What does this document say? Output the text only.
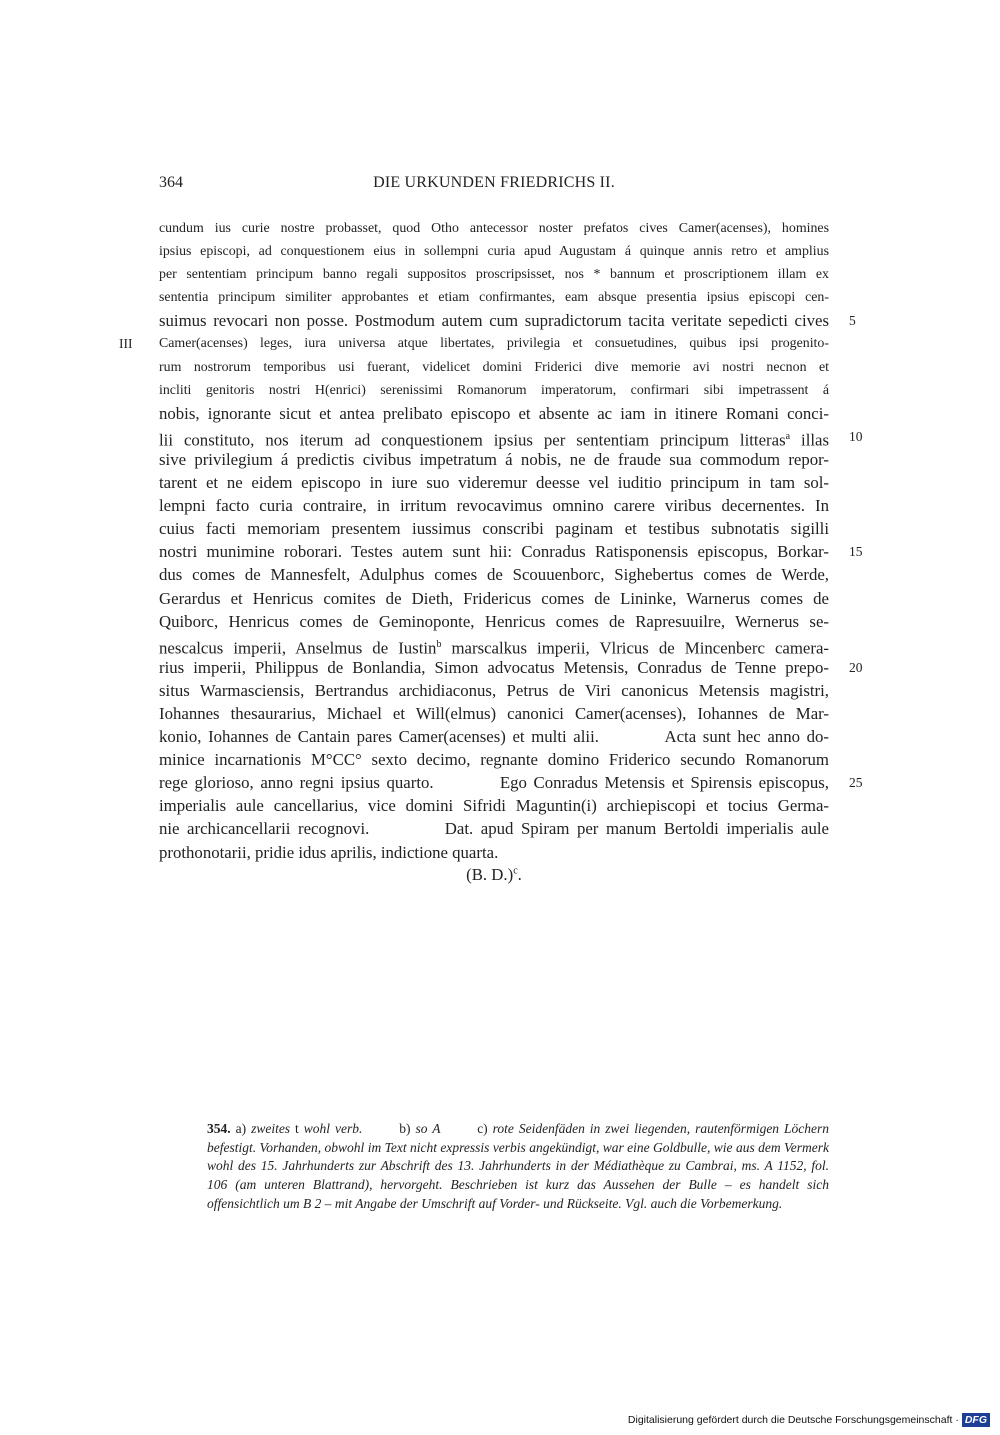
364	DIE URKUNDEN FRIEDRICHS II.
cundum ius curie nostre probasset, quod Otho antecessor noster prefatos cives Camer(acenses), homines
ipsius episcopi, ad conquestionem eius in sollempni curia apud Augustam á quinque annis retro et amplius
per sententiam principum banno regali suppositos proscripsisset, nos * bannum et proscriptionem illam ex
sententia principum similiter approbantes et etiam confirmantes, eam absque presentia ipsius episcopi cen-
suimus revocari non posse. Postmodum autem cum supradictorum tacita veritate sepedicti cives 5
III Camer(acenses) leges, iura universa atque libertates, privilegia et consuetudines, quibus ipsi progenito-
rum nostrorum temporibus usi fuerant, videlicet domini Friderici dive memorie avi nostri necnon et
incliti genitoris nostri H(enrici) serenissimi Romanorum imperatorum, confirmari sibi impetrassent á
nobis, ignorante sicut et antea prelibato episcopo et absente ac iam in itinere Romani conci-
lii constituto, nos iterum ad conquestionem ipsius per sententiam principum litteras$^a$ illas 10
sive privilegium á predictis civibus impetratum á nobis, ne de fraude sua commodum repor-
tarent et ne eidem episcopo in iure suo videremur deesse vel iuditio principum in tam sol-
lempni facto curia contraire, in irritum revocavimus omnino carere viribus decernentes. In
cuius facti memoriam presentem iussimus conscribi paginam et testibus subnotatis sigilli
nostri munimine roborari. Testes autem sunt hii: Conradus Ratisponensis episcopus, Borkar- 15
dus comes de Mannesfelt, Adulphus comes de Scouuenborc, Sighebertus comes de Werde,
Gerardus et Henricus comites de Dieth, Fridericus comes de Lininke, Warnerus comes de
Quiborc, Henricus comes de Geminoponte, Henricus comes de Rapresuuilre, Wernerus se-
nescalcus imperii, Anselmus de Iustin$^b$ marscalkus imperii, Vlricus de Mincenberc camera-
rius imperii, Philippus de Bonlandia, Simon advocatus Metensis, Conradus de Tenne prepo- 20
situs Warmasciensis, Bertrandus archidiaconus, Petrus de Viri canonicus Metensis magistri,
Iohannes thesaurarius, Michael et Will(elmus) canonici Camer(acenses), Iohannes de Mar-
konio, Iohannes de Cantain pares Camer(acenses) et multi alii.          Acta sunt hec anno do-
minice incarnationis M°CC° sexto decimo, regnante domino Friderico secundo Romanorum
rege glorioso, anno regni ipsius quarto.          Ego Conradus Metensis et Spirensis episcopus, 25
imperialis aule cancellarius, vice domini Sifridi Maguntin(i) archiepiscopi et tocius Germa-
nie archicancellarii recognovi.          Dat. apud Spiram per manum Bertoldi imperialis aule
prothonotarii, pridie idus aprilis, indictione quarta.
(B. D.)$^c$.
354. a) zweites t wohl verb.   	b) so A   	c) rote Seidenfäden in zwei liegenden, rautenförmigen Löchern befestigt. Vorhanden, obwohl im Text nicht expressis verbis angekündigt, war eine Goldbulle, wie aus dem Vermerk wohl des 15. Jahrhunderts zur Abschrift des 13. Jahrhunderts in der Médiathèque zu Cambrai, ms. A 1152, fol. 106 (am unteren Blattrand), hervorgeht. Beschrieben ist kurz das Aussehen der Bulle – es handelt sich offensichtlich um B 2 – mit Angabe der Umschrift auf Vorder- und Rückseite. Vgl. auch die Vorbemerkung.
Digitalisierung gefördert durch die Deutsche Forschungsgemeinschaft · DFG
